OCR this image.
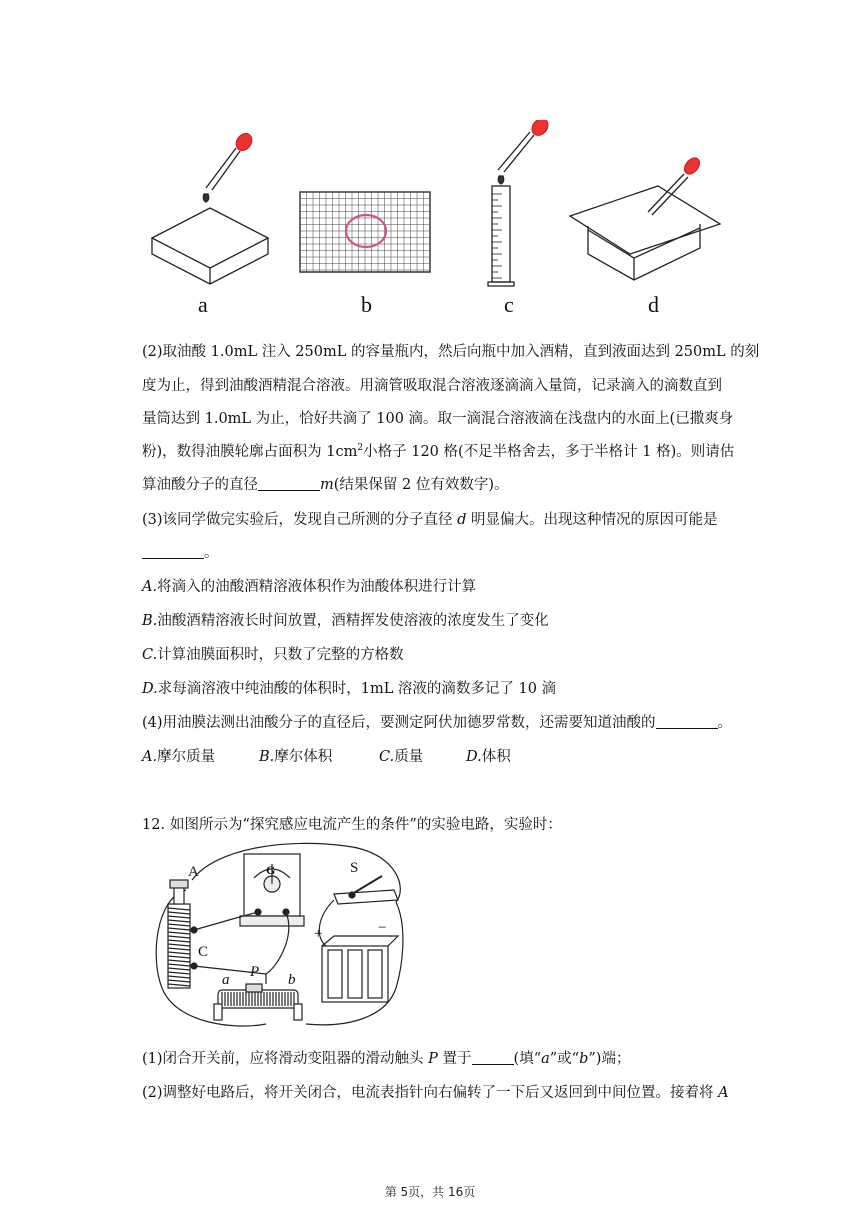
a	b	c	d
(2)取油酸 1.0mL 注入 250mL 的容量瓶内，然后向瓶中加入酒精，直到液面达到 250mL 的刻
度为止，得到油酸酒精混合溶液。用滴管吸取混合溶液逐滴滴入量筒，记录滴入的滴数直到
量筒达到 1.0mL 为止，恰好共滴了 100 滴。取一滴混合溶液滴在浅盘内的水面上(已撒爽身
粉)，数得油膜轮廓占面积为 $1cm^2$小格子 120 格(不足半格舍去，多于半格计 1 格)。则请估
算油酸分子的直径	m(结果保留 2 位有效数字)。
(3)该同学做完实验后，发现自己所测的分子直径 d 明显偏大。出现这种情况的原因可能是
。
A.将滴入的油酸酒精溶液体积作为油酸体积进行计算
B.油酸酒精溶液长时间放置，酒精挥发使溶液的浓度发生了变化
C.计算油膜面积时，只数了完整的方格数
D.求每滴溶液中纯油酸的体积时，1mL 溶液的滴数多记了 10 滴
(4)用油膜法测出油酸分子的直径后，要测定阿伏加德罗常数，还需要知道油酸的	。
A.摩尔质量	B.摩尔体积	C.质量	D.体积
12. 如图所示为“探究感应电流产生的条件”的实验电路，实验时：
A
C
G	S
a P b
+	−
(1)闭合开关前，应将滑动变阻器的滑动触头 P 置于	(填“a”或“b”)端；
(2)调整好电路后，将开关闭合，电流表指针向右偏转了一下后又返回到中间位置。接着将 A
第 5页，共 16页
